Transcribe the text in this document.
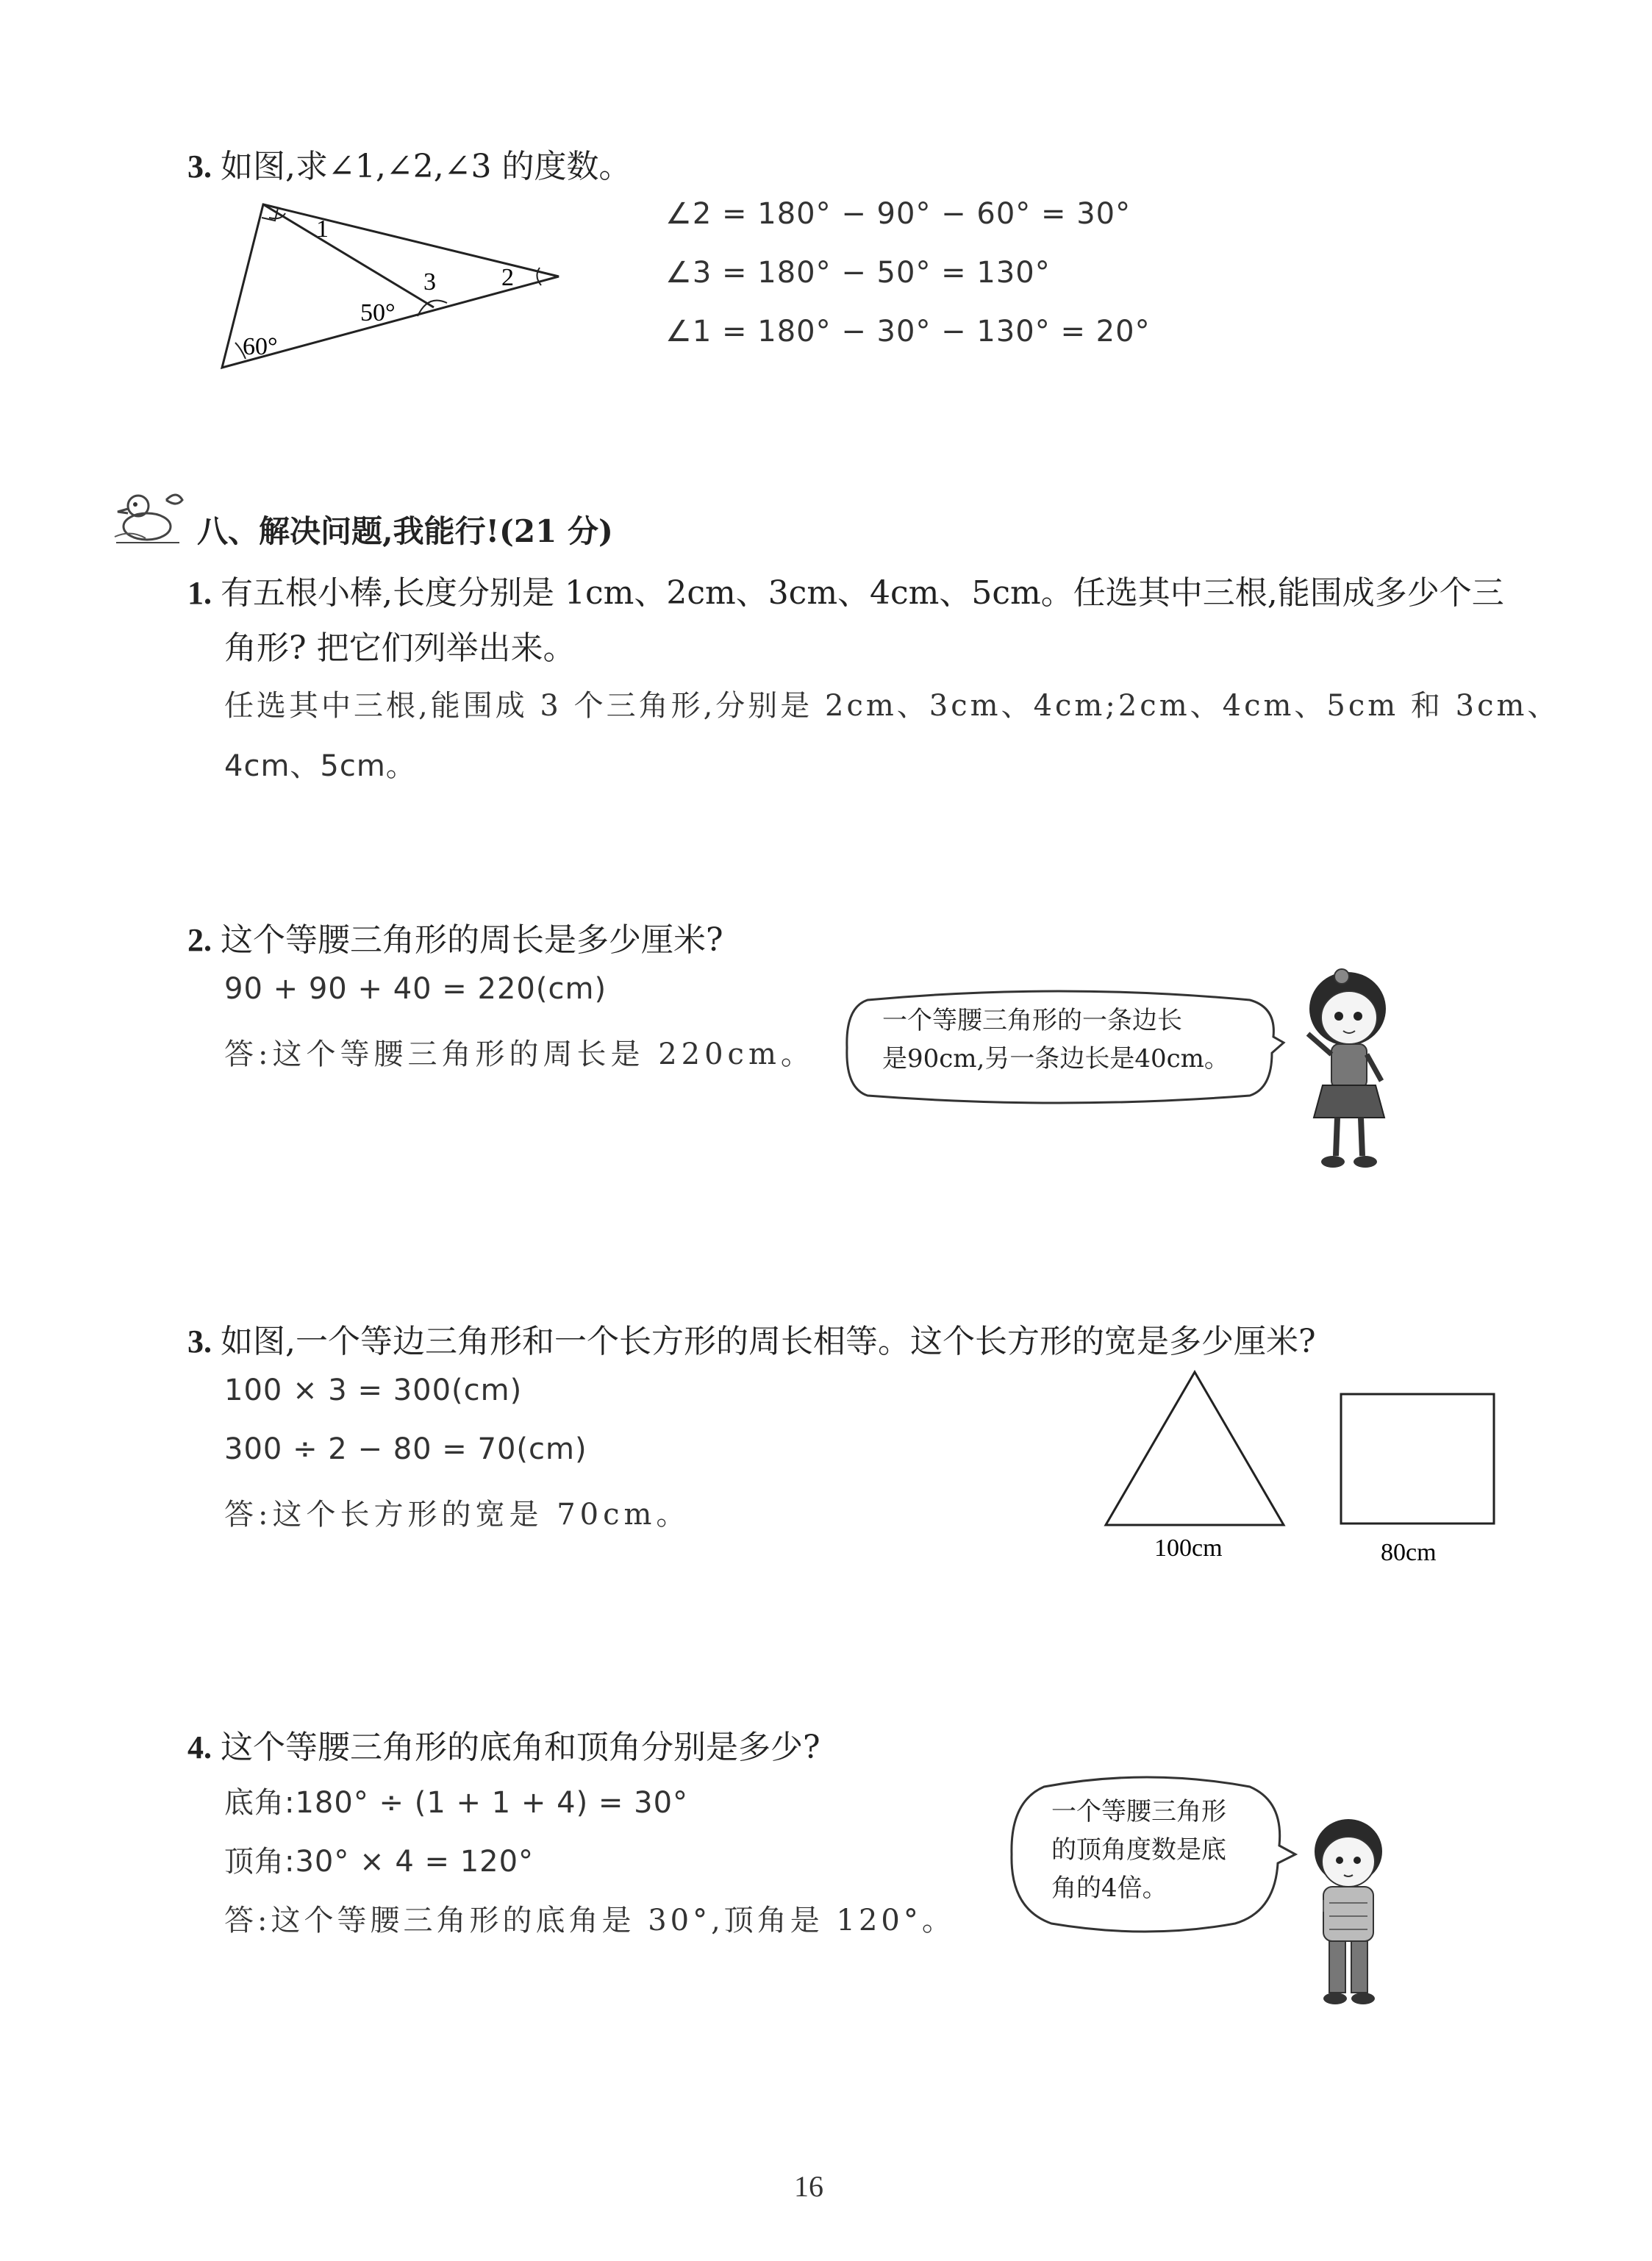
3. 如图,求∠1,∠2,∠3 的度数。
1
3	2
50°
60°
∠2 = 180° − 90° − 60° = 30°
∠3 = 180° − 50° = 130°
∠1 = 180° − 30° − 130° = 20°
八、解决问题,我能行!(21 分)
1. 有五根小棒,长度分别是 1cm、2cm、3cm、4cm、5cm。任选其中三根,能围成多少个三
角形? 把它们列举出来。
任选其中三根,能围成 3 个三角形,分别是 2cm、3cm、4cm;2cm、4cm、5cm 和 3cm、
4cm、5cm。
2. 这个等腰三角形的周长是多少厘米?
90 + 90 + 40 = 220(cm)
答:这个等腰三角形的周长是 220cm。
一个等腰三角形的一条边长
是90cm,另一条边长是40cm。
3. 如图,一个等边三角形和一个长方形的周长相等。这个长方形的宽是多少厘米?
100 × 3 = 300(cm)
300 ÷ 2 − 80 = 70(cm)
答:这个长方形的宽是 70cm。
100cm	80cm
4. 这个等腰三角形的底角和顶角分别是多少?
底角:180° ÷ (1 + 1 + 4) = 30°
顶角:30° × 4 = 120°
答:这个等腰三角形的底角是 30°,顶角是 120°。
一个等腰三角形
的顶角度数是底
角的4倍。
16
